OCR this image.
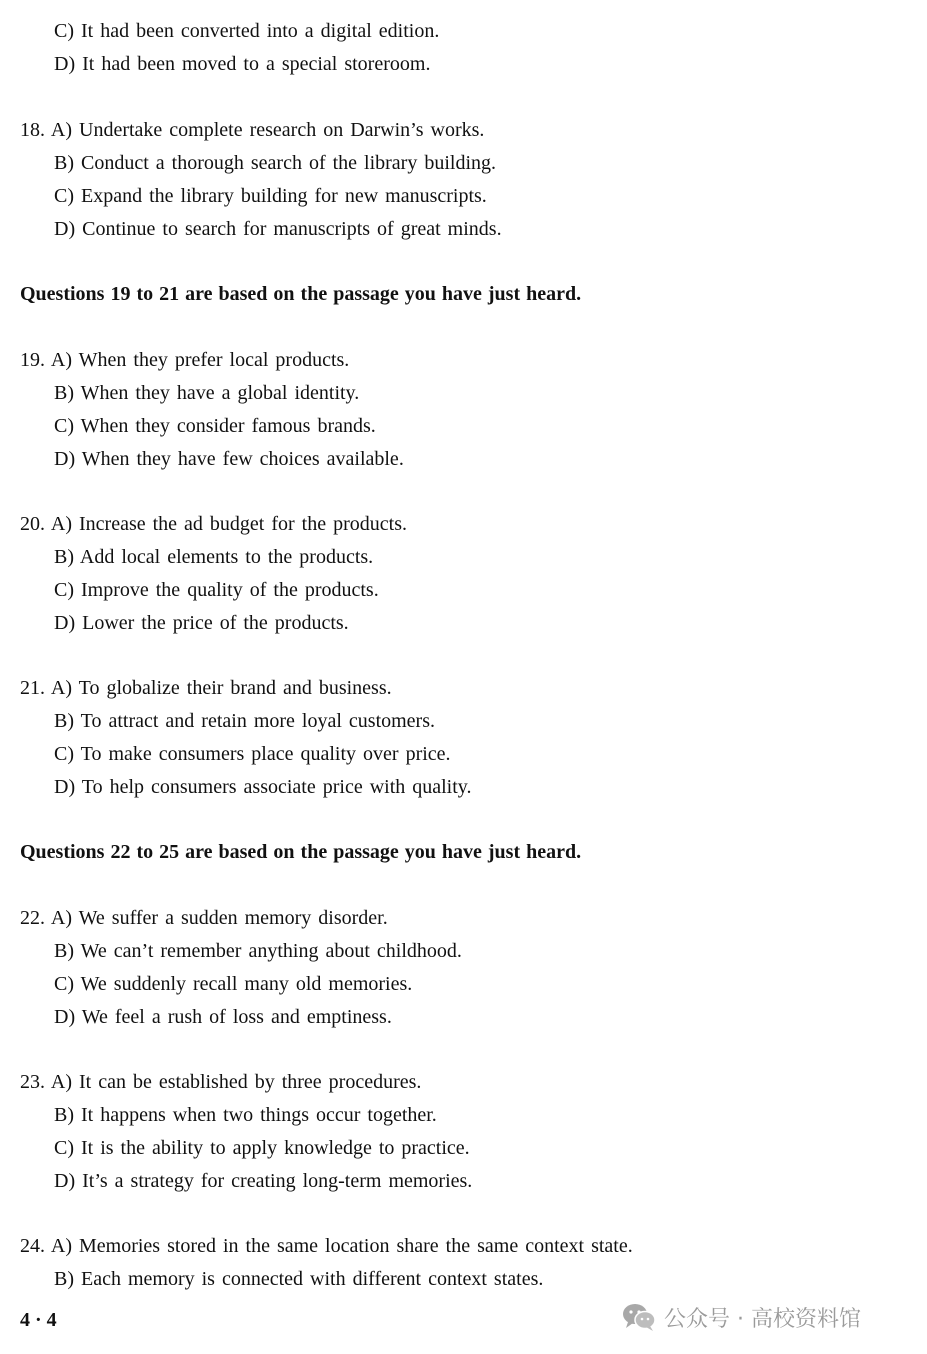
C) It had been converted into a digital edition.
D) It had been moved to a special storeroom.
18. A) Undertake complete research on Darwin’s works.
B) Conduct a thorough search of the library building.
C) Expand the library building for new manuscripts.
D) Continue to search for manuscripts of great minds.
Questions 19 to 21 are based on the passage you have just heard.
19. A) When they prefer local products.
B) When they have a global identity.
C) When they consider famous brands.
D) When they have few choices available.
20. A) Increase the ad budget for the products.
B) Add local elements to the products.
C) Improve the quality of the products.
D) Lower the price of the products.
21. A) To globalize their brand and business.
B) To attract and retain more loyal customers.
C) To make consumers place quality over price.
D) To help consumers associate price with quality.
Questions 22 to 25 are based on the passage you have just heard.
22. A) We suffer a sudden memory disorder.
B) We can’t remember anything about childhood.
C) We suddenly recall many old memories.
D) We feel a rush of loss and emptiness.
23. A) It can be established by three procedures.
B) It happens when two things occur together.
C) It is the ability to apply knowledge to practice.
D) It’s a strategy for creating long-term memories.
24. A) Memories stored in the same location share the same context state.
B) Each memory is connected with different context states.
4 · 4	公众号 · 高校资料馆
